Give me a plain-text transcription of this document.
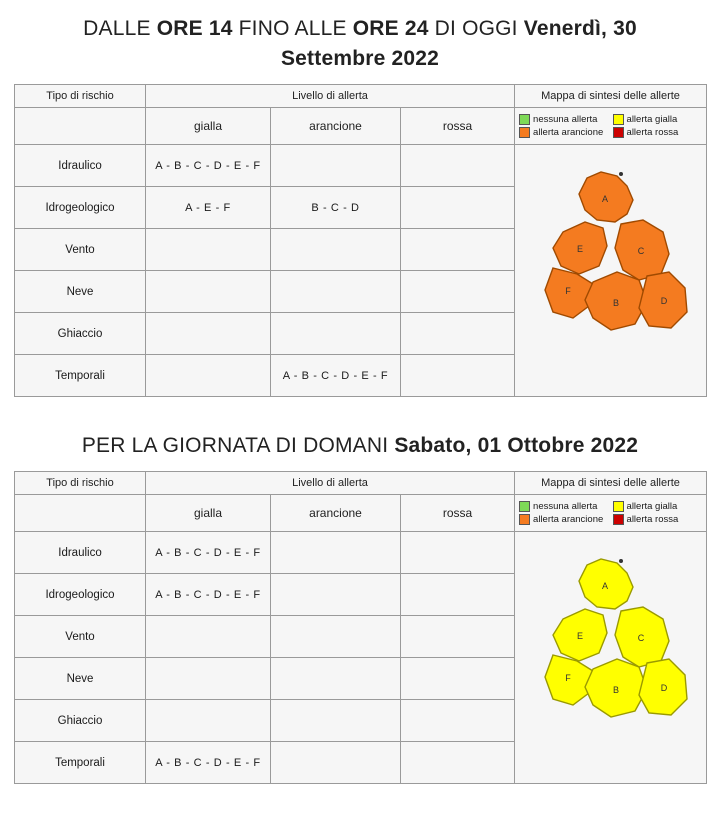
DALLE ORE 14 FINO ALLE ORE 24 DI OGGI Venerdì, 30 Settembre 2022
Tipo di rischio	Livello di allerta			Mappa di sintesi delle allerte
	gialla	arancione	rossa	nessuna allerta allerta gialla
allerta arancione allerta rossa

Idraulico	A - B - C - D - E - F			
A
E	C
F
B	D

Idrogeologico	A - E - F	B - C - D		
Vento				
Neve				
Ghiaccio				
Temporali		A - B - C - D - E - F		
PER LA GIORNATA DI DOMANI Sabato, 01 Ottobre 2022
Tipo di rischio	Livello di allerta			Mappa di sintesi delle allerte
	gialla	arancione	rossa	nessuna allerta allerta gialla
allerta arancione allerta rossa

Idraulico	A - B - C - D - E - F			
A
E	C
F
B	D

Idrogeologico	A - B - C - D - E - F			
Vento				
Neve				
Ghiaccio				
Temporali	A - B - C - D - E - F			
